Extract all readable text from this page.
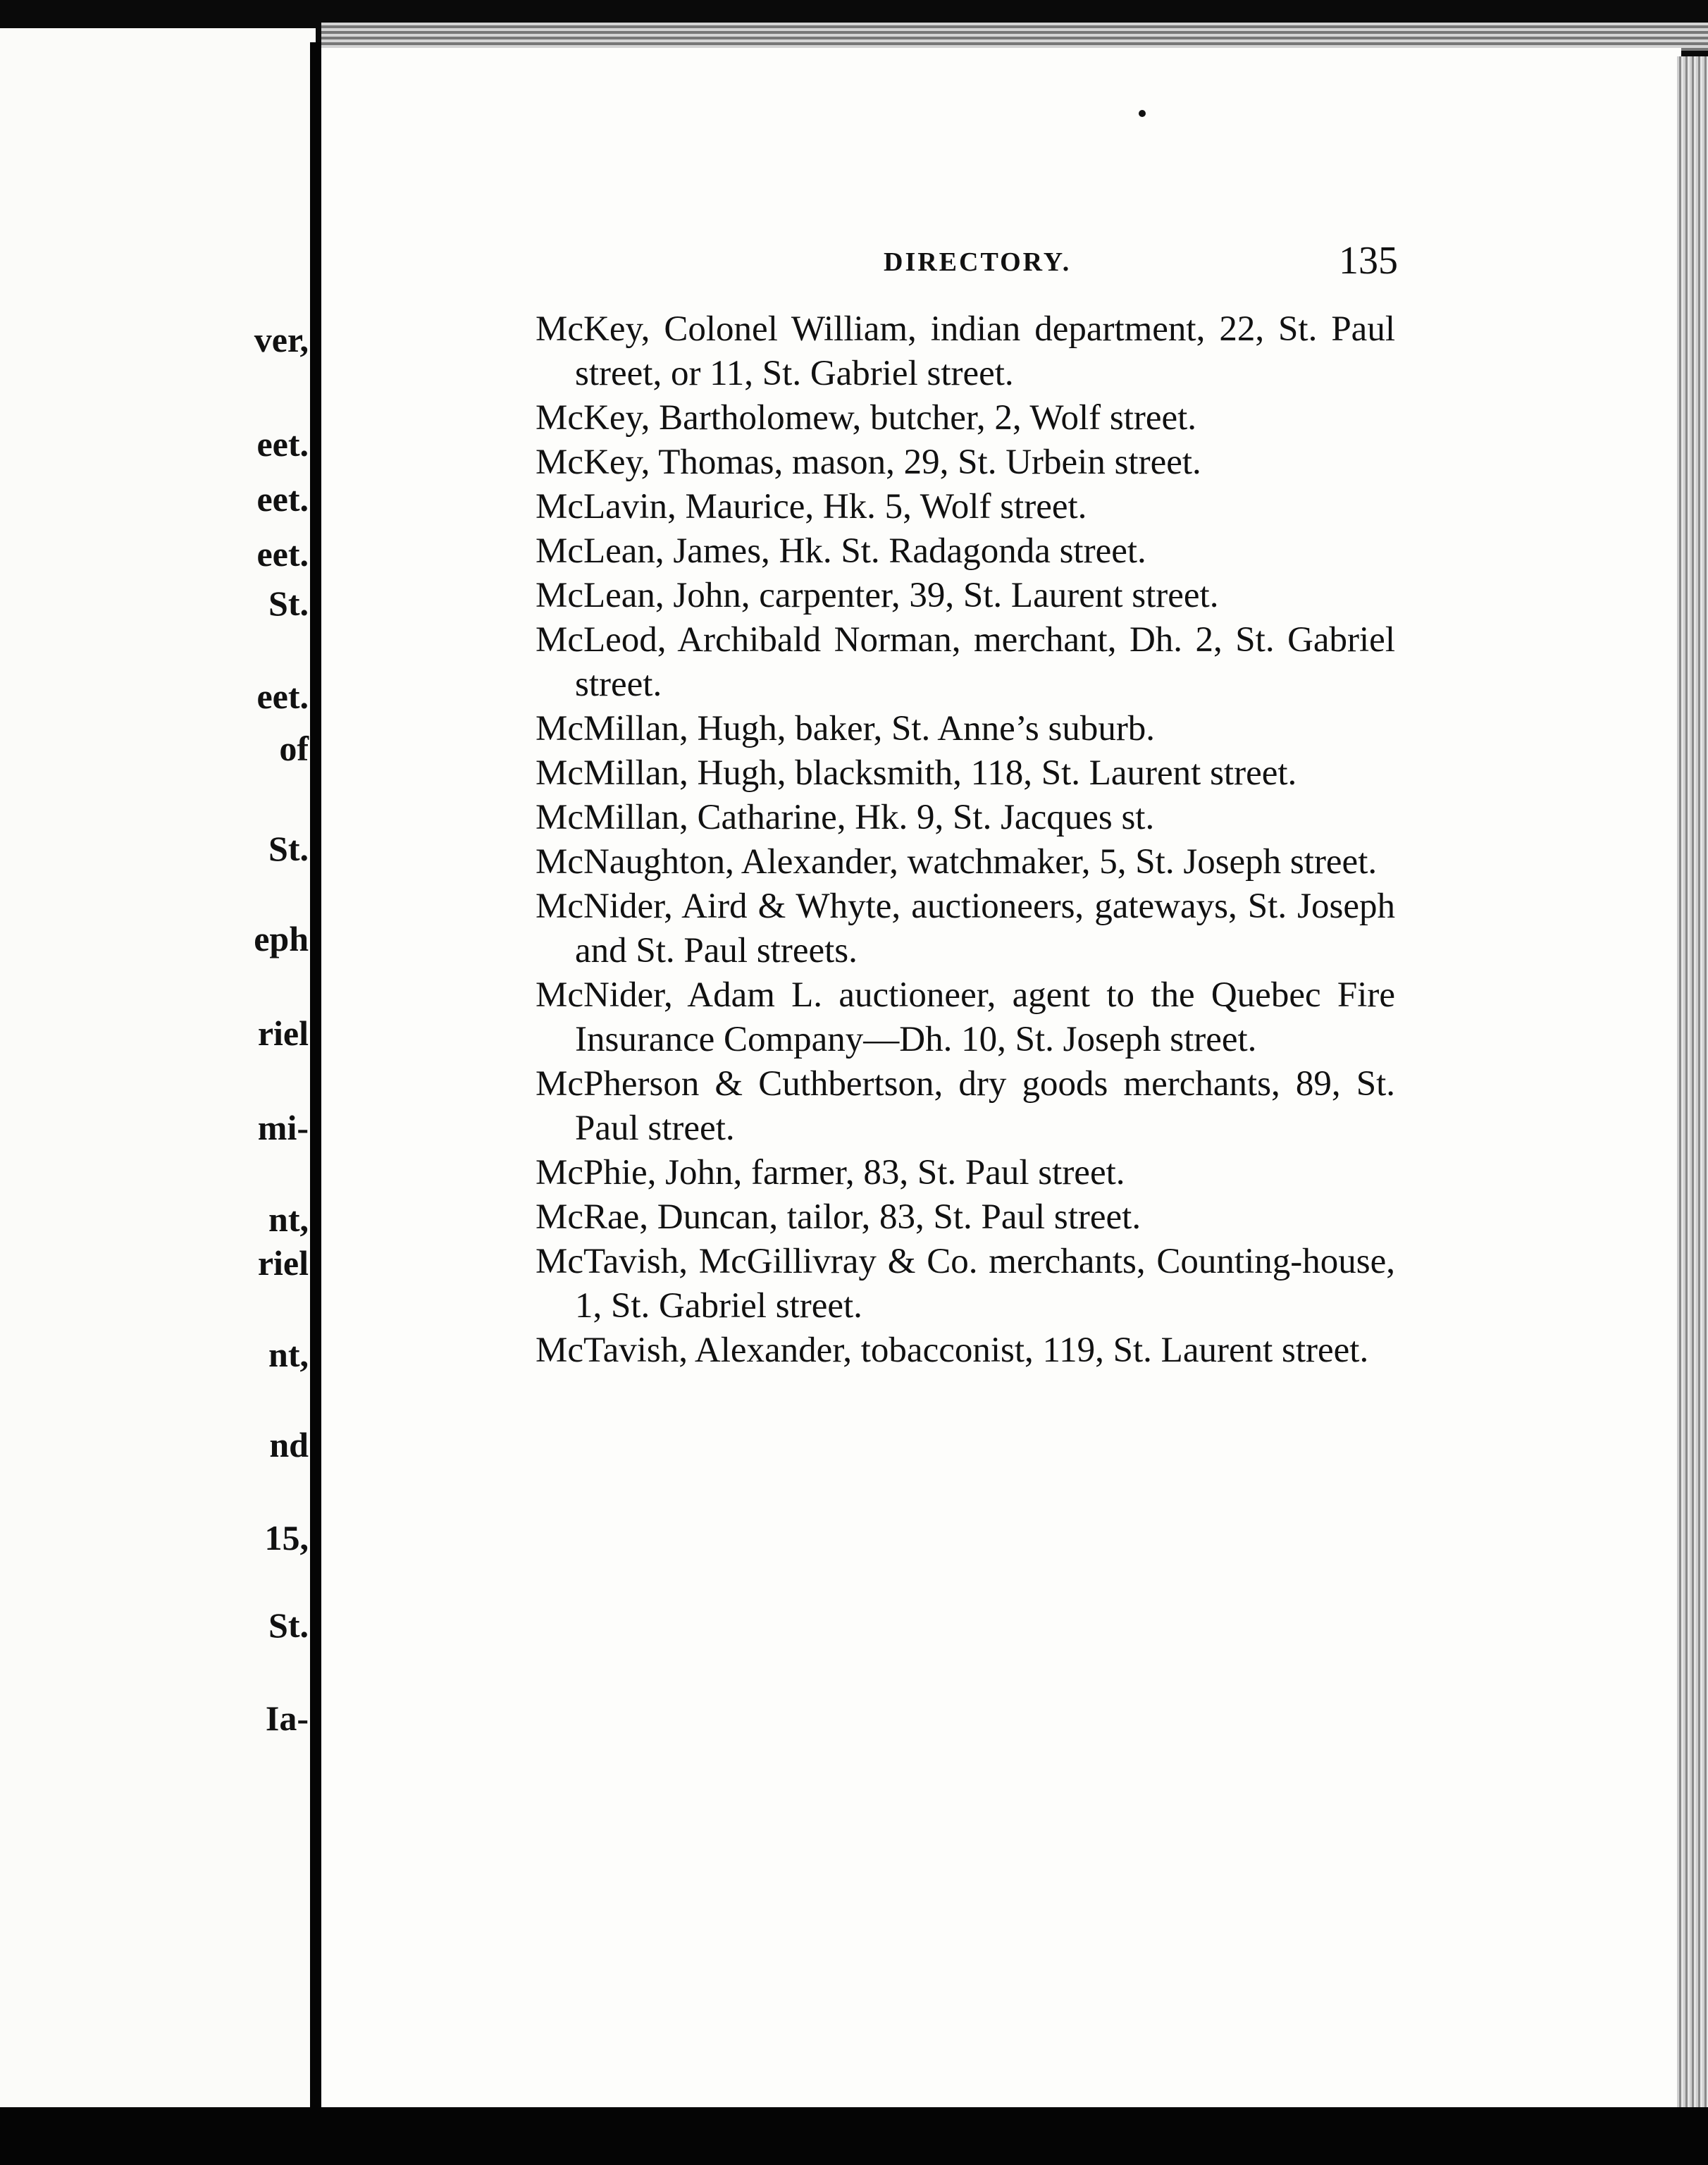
ver,
eet.
eet.
eet.
St.
eet.
of
St.
eph
riel
mi-
nt,
riel
nt,
nd
15,
St.
Ia-
DIRECTORY.	135

McKey, Colonel William, indian department, 22, St. Paul street, or 11, St. Gabriel street.

McKey, Bartholomew, butcher, 2, Wolf street.

McKey, Thomas, mason, 29, St. Urbein street.

McLavin, Maurice, Hk. 5, Wolf street.

McLean, James, Hk. St. Radagonda street.

McLean, John, carpenter, 39, St. Laurent street.

McLeod, Archibald Norman, merchant, Dh. 2, St. Gabriel street.

McMillan, Hugh, baker, St. Anne’s suburb.

McMillan, Hugh, blacksmith, 118, St. Laurent street.

McMillan, Catharine, Hk. 9, St. Jacques st.

McNaughton, Alexander, watchmaker, 5, St. Joseph street.

McNider, Aird & Whyte, auctioneers, gateways, St. Joseph and St. Paul streets.

McNider, Adam L. auctioneer, agent to the Quebec Fire Insurance Company—Dh. 10, St. Joseph street.

McPherson & Cuthbertson, dry goods merchants, 89, St. Paul street.

McPhie, John, farmer, 83, St. Paul street.

McRae, Duncan, tailor, 83, St. Paul street.

McTavish, McGillivray & Co. merchants, Counting-house, 1, St. Gabriel street.

McTavish, Alexander, tobacconist, 119, St. Laurent street.
